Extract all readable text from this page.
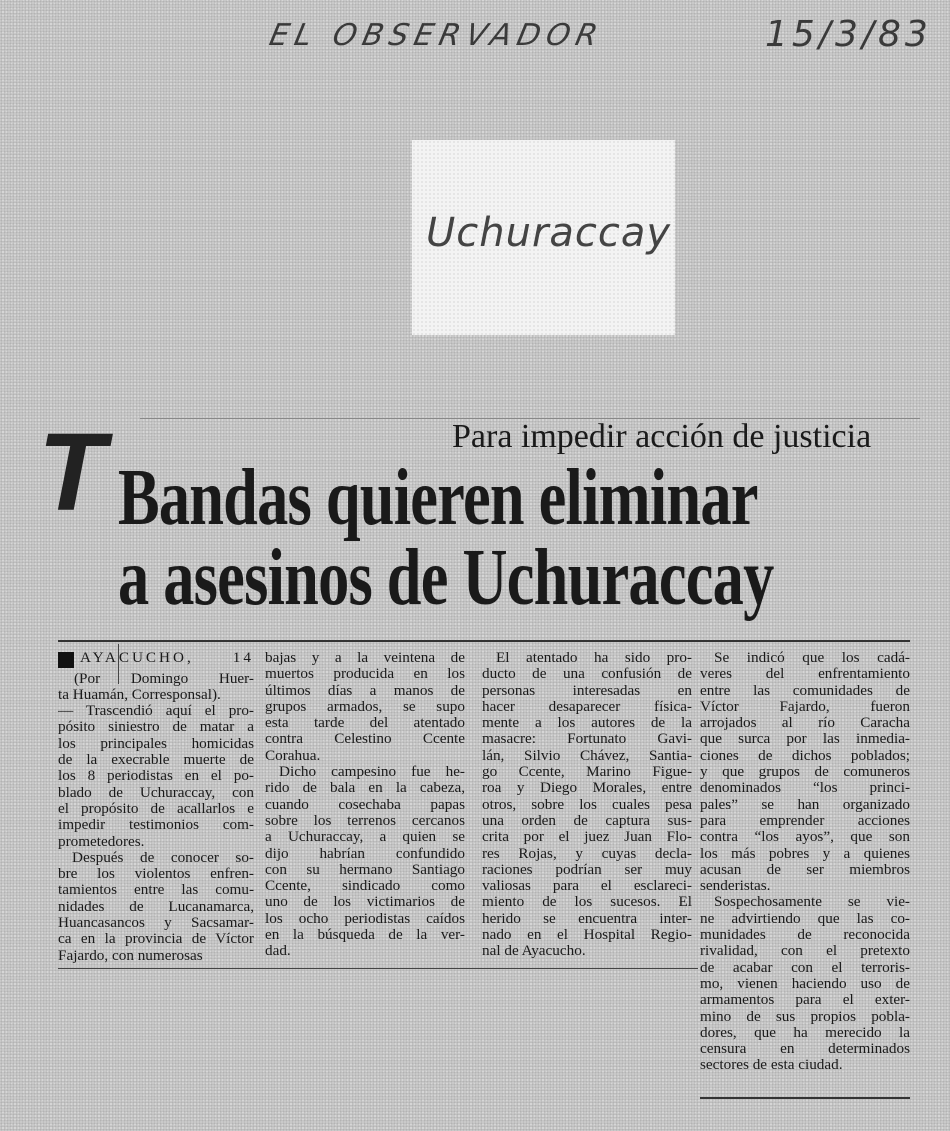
EL OBSERVADOR	15/3/83
Uchuraccay
T	Para impedir acción de justicia
Bandas quieren eliminar
a asesinos de Uchuraccay
AYACUCHO, 14
(Por Domingo Huer-
ta Huamán, Corresponsal).
— Trascendió aquí el pro-
pósito siniestro de matar a
los principales homicidas
de la execrable muerte de
los 8 periodistas en el po-
blado de Uchuraccay, con
el propósito de acallarlos e
impedir testimonios com-
prometedores.
Después de conocer so-
bre los violentos enfren-
tamientos entre las comu-
nidades de Lucanamarca,
Huancasancos y Sacsamar-
ca en la provincia de Víctor
Fajardo, con numerosas
bajas y a la veintena de
muertos producida en los
últimos días a manos de
grupos armados, se supo
esta tarde del atentado
contra Celestino Ccente
Corahua.
Dicho campesino fue he-
rido de bala en la cabeza,
cuando cosechaba papas
sobre los terrenos cercanos
a Uchuraccay, a quien se
dijo habrían confundido
con su hermano Santiago
Ccente, sindicado como
uno de los victimarios de
los ocho periodistas caídos
en la búsqueda de la ver-
dad.
El atentado ha sido pro-
ducto de una confusión de
personas interesadas en
hacer desaparecer física-
mente a los autores de la
masacre: Fortunato Gavi-
lán, Silvio Chávez, Santia-
go Ccente, Marino Figue-
roa y Diego Morales, entre
otros, sobre los cuales pesa
una orden de captura sus-
crita por el juez Juan Flo-
res Rojas, y cuyas decla-
raciones podrían ser muy
valiosas para el esclareci-
miento de los sucesos. El
herido se encuentra inter-
nado en el Hospital Regio-
nal de Ayacucho.
Se indicó que los cadá-
veres del enfrentamiento
entre las comunidades de
Víctor Fajardo, fueron
arrojados al río Caracha
que surca por las inmedia-
ciones de dichos poblados;
y que grupos de comuneros
denominados “los princi-
pales” se han organizado
para emprender acciones
contra “los ayos”, que son
los más pobres y a quienes
acusan de ser miembros
senderistas.
Sospechosamente se vie-
ne advirtiendo que las co-
munidades de reconocida
rivalidad, con el pretexto
de acabar con el terroris-
mo, vienen haciendo uso de
armamentos para el exter-
mino de sus propios pobla-
dores, que ha merecido la
censura en determinados
sectores de esta ciudad.
